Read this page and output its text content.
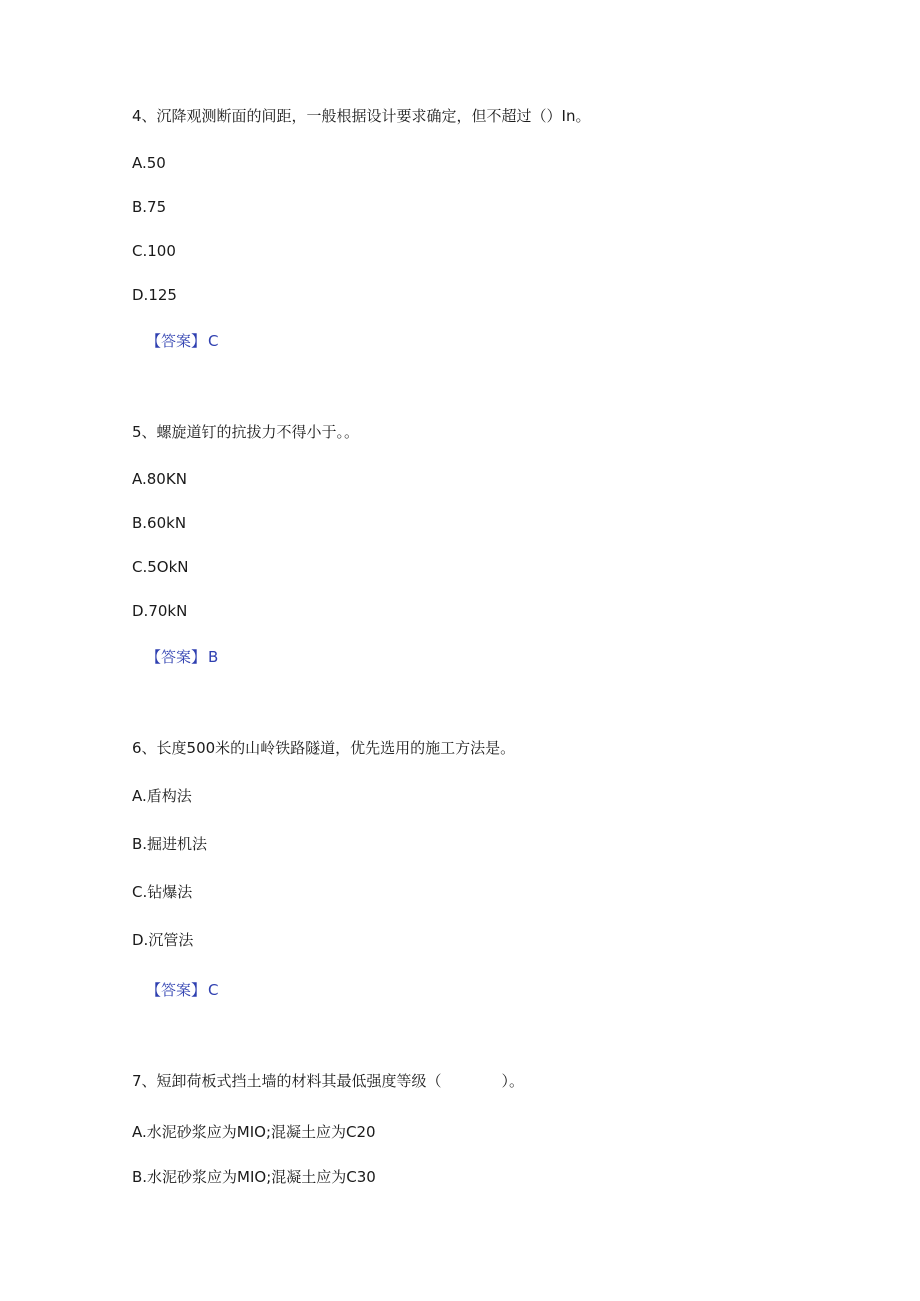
4、沉降观测断面的间距，一般根据设计要求确定，但不超过（）In。
A.50
B.75
C.100
D.125
【答案】 C
5、螺旋道钉的抗拔力不得小于。。
A.80KN
B.60kN
C.5OkN
D.70kN
【答案】 B
6、长度500米的山岭铁路隧道，优先选用的施工方法是。
A.盾构法
B.掘进机法
C.钻爆法
D.沉管法
【答案】 C
7、短卸荷板式挡土墙的材料其最低强度等级（　　　　）。
A.水泥砂浆应为MIO;混凝土应为C20
B.水泥砂浆应为MIO;混凝土应为C30
